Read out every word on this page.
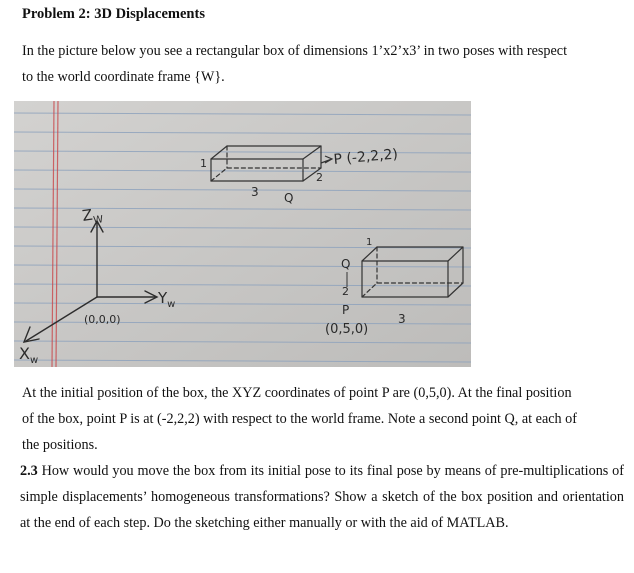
Problem 2: 3D Displacements
In the picture below you see a rectangular box of dimensions 1’x2’x3’ in two poses with respect
to the world coordinate frame {W}.
$Z_W$
$Y_w$
$X_w$
(0,0,0)
P (-2,2,2)
1
3
2
Q
Q
2
1
3
P
(0,5,0)
At the initial position of the box, the XYZ coordinates of point P are (0,5,0). At the final position
of the box, point P is at (-2,2,2) with respect to the world frame. Note a second point Q, at each of
the positions.
2.3 How would you move the box from its initial pose to its final pose by means of pre-multiplications of simple displacements’ homogeneous transformations? Show a sketch of the box position and orientation at the end of each step. Do the sketching either manually or with the aid of MATLAB.
